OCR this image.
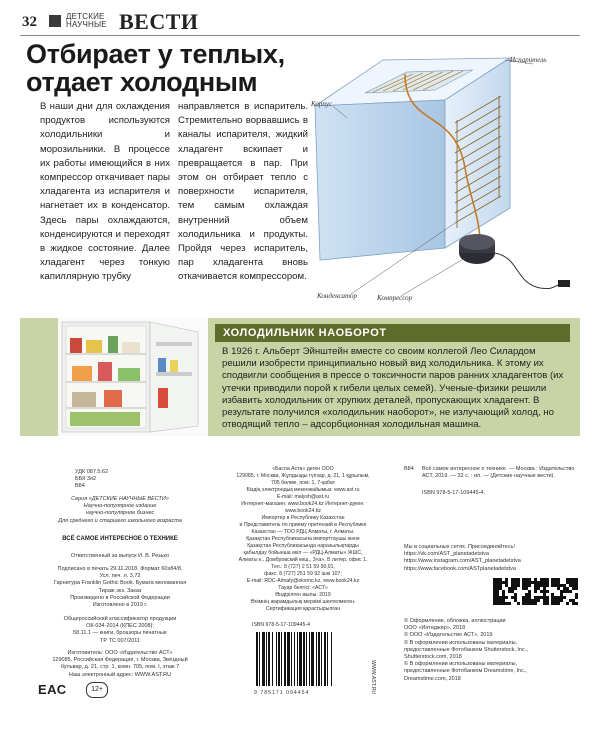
32	ДЕТСКИЕ
НАУЧНЫЕ ВЕСТИ
Отбирает у теплых,
отдает холодным
В наши дни для охлаждения продуктов используются холодильники и морозильники. В процессе их работы имеющийся в них компрессор откачивает пары хладагента из испарителя и нагнетает их в конденсатор. Здесь пары охлаждаются, конденсируются и переходят в жидкое состояние. Далее хладагент через тонкую капиллярную трубку
направляется в испаритель. Стремительно ворвавшись в каналы испарителя, жидкий хладагент вскипает и превращается в пар. При этом он отбирает тепло с поверхности испарителя, тем самым охлаждая внутренний объем холодильника и продукты. Пройдя через испаритель, пар хладагента вновь откачивается компрессором.
Испаритель
Корпус
Конденсатор	Компрессор
ХОЛОДИЛЬНИК НАОБОРОТ
В 1926 г. Альберт Эйнштейн вместе со своим коллегой Лео Силардом решили изобрести принципиально новый вид холодильника. К этому их сподвигли сообщения в прессе о токсичности паров ранних хладагентов (их утечки приводили порой к гибели целых семей). Ученые-физики решили избавить холодильник от хрупких деталей, пропускающих хладагент. В результате получился «холодильник наоборот», не излучающий холод, но отводящий тепло – адсорбционная холодильная машина.
УДК 087.5:62
ББК 3я2
В84
Серия «ДЕТСКИЕ НАУЧНЫЕ ВЕСТИ»
Научно-популярное издание
научно-популярное бизнес
Для среднего и старшего школьного возраста
ВСЁ САМОЕ ИНТЕРЕСНОЕ О ТЕХНИКЕ
Ответственный за выпуск И. В. Резько
Подписано в печать 29.11.2018. Формат 60х84/8.
Усл. печ. л. 3,72
Гарнитура Franklin Gothic Book. Бумага мелованная
Тираж экз. Заказ
Произведено в Российской Федерации
Изготовлено в 2019 г.
Общероссийский классификатор продукции
ОК-034-2014 (КПЕС 2008);
58.11.1 — книги, брошюры печатные
ТР ТС 007/2011
Изготовитель: ООО «Издательство АСТ»
129085, Российская Федерация, г. Москва, Звёздный
бульвар, д. 21, стр. 1, комн. 705, пом. I, этаж 7
Наш электронный адрес: WWW.AST.RU
ЕАС	12+
«Баспа Аста» деген ООО
129085, г. Москва, Жұлдызды гүлзар, д. 21, 1 құрылым,
705 бөлме, пом. 1, 7-қабат
Біздің электрондық мекенжайымыз: www.ast.ru
E-mail: malysh@ast.ru
Интернет-магазин: www.book24.kz Интернет-дүкен:
www.book24.kz
Импортер в Республику Казахстан
и Представитель по приему претензий в Республике
Казахстан — ТОО РДЦ Алматы, г. Алматы.
Қазақстан Республикасына импорттаушы және
Қазақстан Республикасында наразылықтарды
қабылдау бойынша өкіл — «РДЦ-Алматы» ЖШС,
Алматы к., Домбровский көш., 3«а», Б литер, офис 1.
Тел.: 8 (727) 2 51 59 90,91,
факс: 8 (727) 251 59 92 ішкі 107;
E-mail: RDC-Almaty@eksmo.kz, www.book24.kz
Тауар белгісі: «АСТ»
Өндірілген жылы: 2019
Өнімнің жарамдылық мерзімі шектелмеген.
Сертификация қарастырылған
ISBN 978-5-17-109445-4
9 785171 094454	WWW.AST.RU
В84 Всё самое интересное о технике. — Москва : Издательство АСТ, 2019. — 32 с. : ил. — (Детские научные вести).
ISBN 978-5-17-109445-4.
Мы в социальных сетях. Присоединяйтесь!
https://vk.com/AST_planetadetstva
https://www.instagram.com/AST_planetadetstva
https://www.facebook.com/ASTplanetadetstva
© Оформление, обложка, иллюстрации
ООО «Интеджер», 2018
© ООО «Издательство АСТ», 2019
© В оформлении использованы материалы,
предоставленные Фотобанком Shutterstock, Inc.,
Shutterstock.com, 2018
© В оформлении использованы материалы,
предоставленные Фотобанком Dreamstime, Inc.,
Dreamstime.com, 2018
